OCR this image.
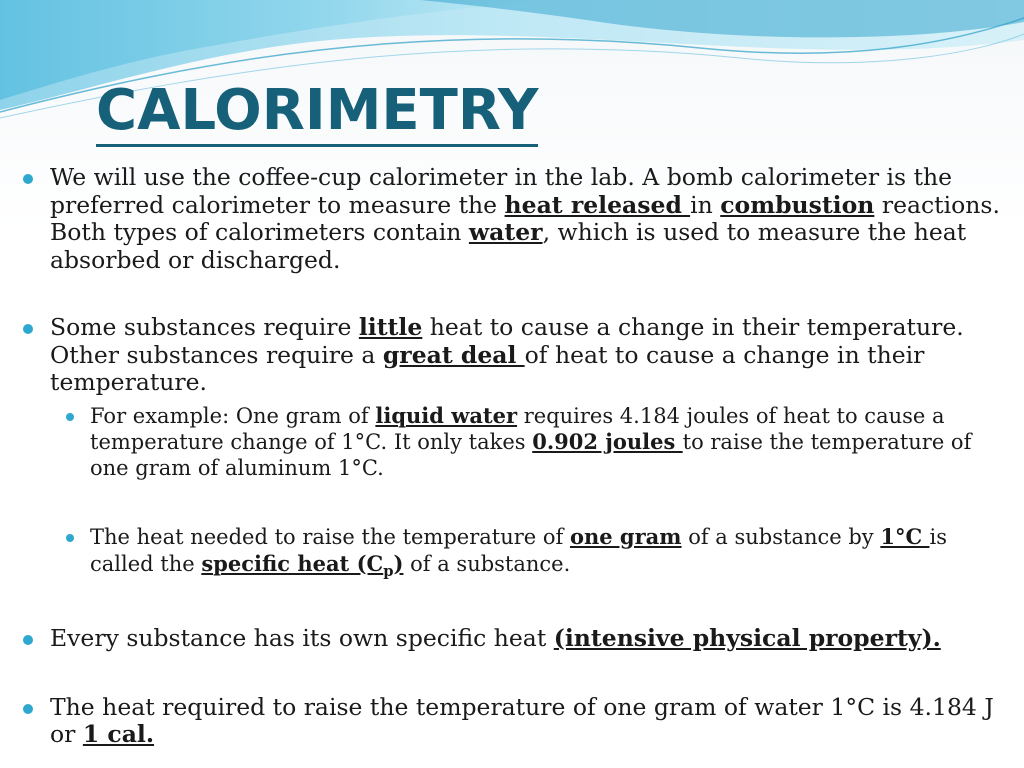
CALORIMETRY

We will use the coffee-cup calorimeter in the lab. A bomb calorimeter is the preferred calorimeter to measure the heat released in combustion reactions. Both types of calorimeters contain water, which is used to measure the heat absorbed or discharged.

Some substances require little heat to cause a change in their temperature. Other substances require a great deal of heat to cause a change in their temperature.

For example: One gram of liquid water requires 4.184 joules of heat to cause a temperature change of 1°C. It only takes 0.902 joules to raise the temperature of one gram of aluminum 1°C.

The heat needed to raise the temperature of one gram of a substance by 1°C is called the specific heat $(C_p)$ of a substance.

Every substance has its own specific heat (intensive physical property).

The heat required to raise the temperature of one gram of water 1°C is 4.184 J or 1 cal.
